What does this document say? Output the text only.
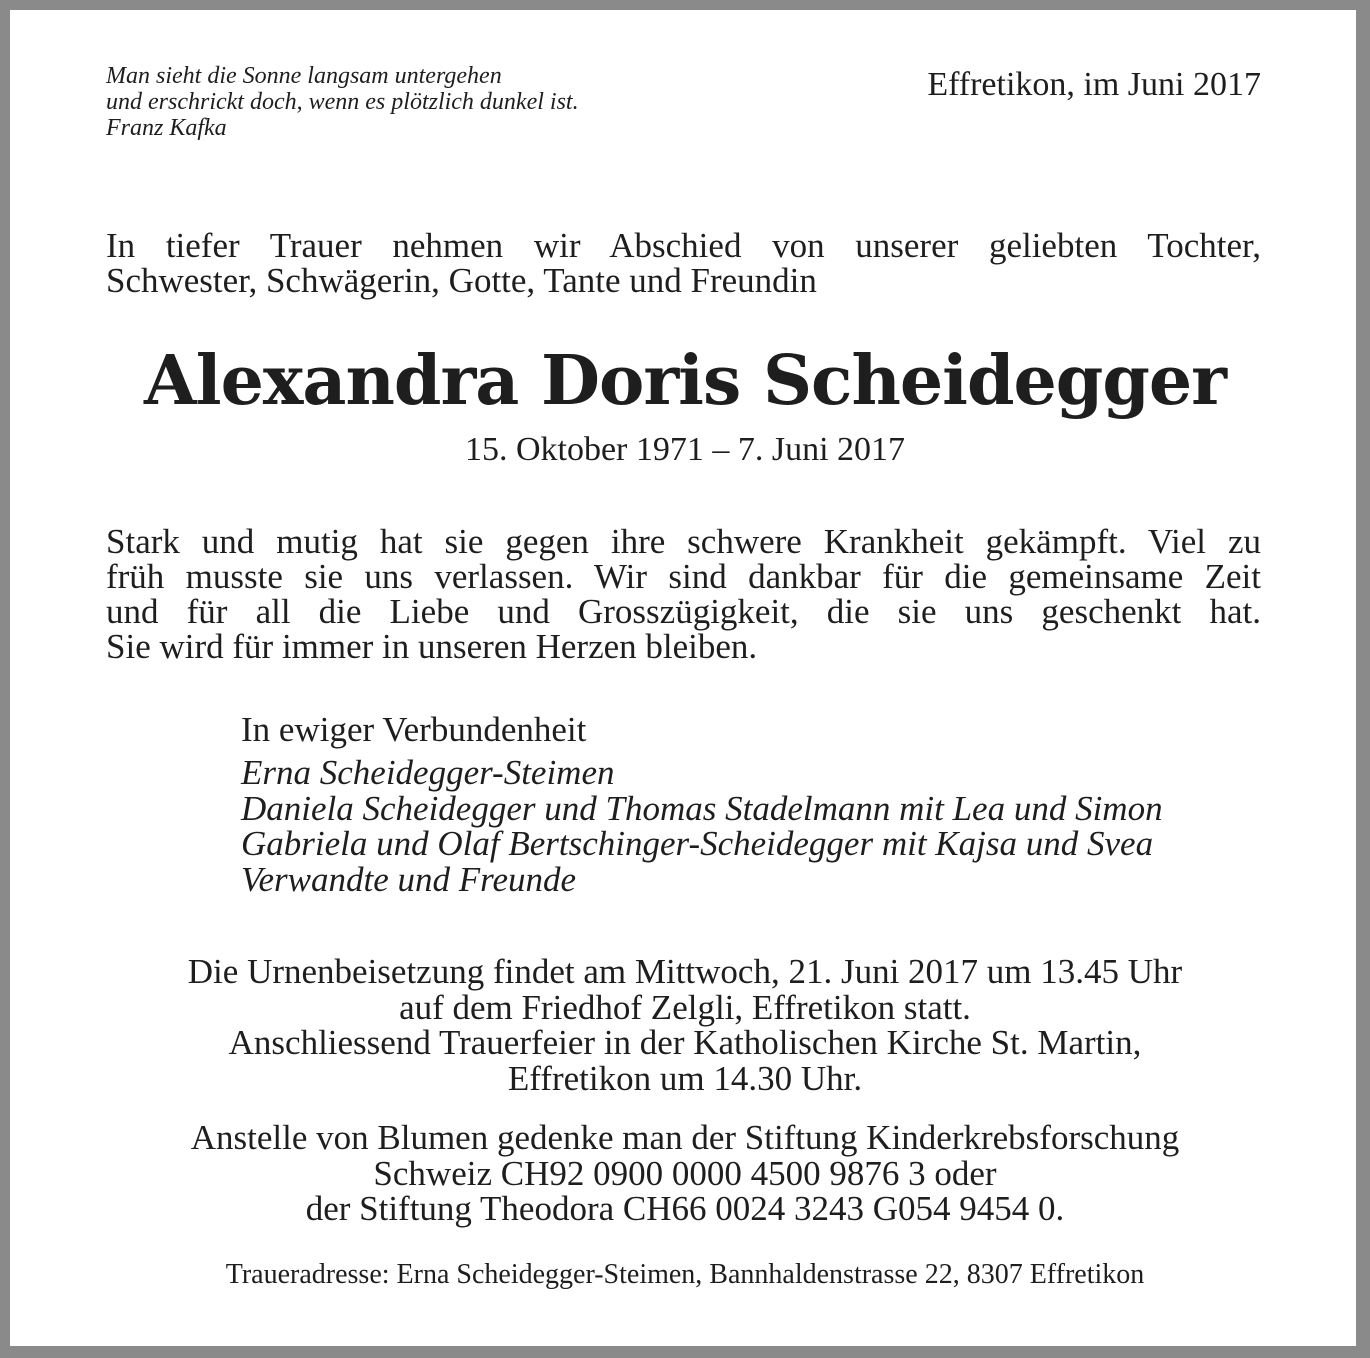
Man sieht die Sonne langsam untergehen
und erschrickt doch, wenn es plötzlich dunkel ist.
Franz Kafka
Effretikon, im Juni 2017
In tiefer Trauer nehmen wir Abschied von unserer geliebten Tochter,
Schwester, Schwägerin, Gotte, Tante und Freundin
Alexandra Doris Scheidegger
15. Oktober 1971 – 7. Juni 2017
Stark und mutig hat sie gegen ihre schwere Krankheit gekämpft. Viel zu
früh musste sie uns verlassen. Wir sind dankbar für die gemeinsame Zeit
und für all die Liebe und Grosszügigkeit, die sie uns geschenkt hat.
Sie wird für immer in unseren Herzen bleiben.
In ewiger Verbundenheit
Erna Scheidegger-Steimen
Daniela Scheidegger und Thomas Stadelmann mit Lea und Simon
Gabriela und Olaf Bertschinger-Scheidegger mit Kajsa und Svea
Verwandte und Freunde
Die Urnenbeisetzung findet am Mittwoch, 21. Juni 2017 um 13.45 Uhr
auf dem Friedhof Zelgli, Effretikon statt.
Anschliessend Trauerfeier in der Katholischen Kirche St. Martin,
Effretikon um 14.30 Uhr.
Anstelle von Blumen gedenke man der Stiftung Kinderkrebsforschung
Schweiz CH92 0900 0000 4500 9876 3 oder
der Stiftung Theodora CH66 0024 3243 G054 9454 0.
Traueradresse: Erna Scheidegger-Steimen, Bannhaldenstrasse 22, 8307 Effretikon
